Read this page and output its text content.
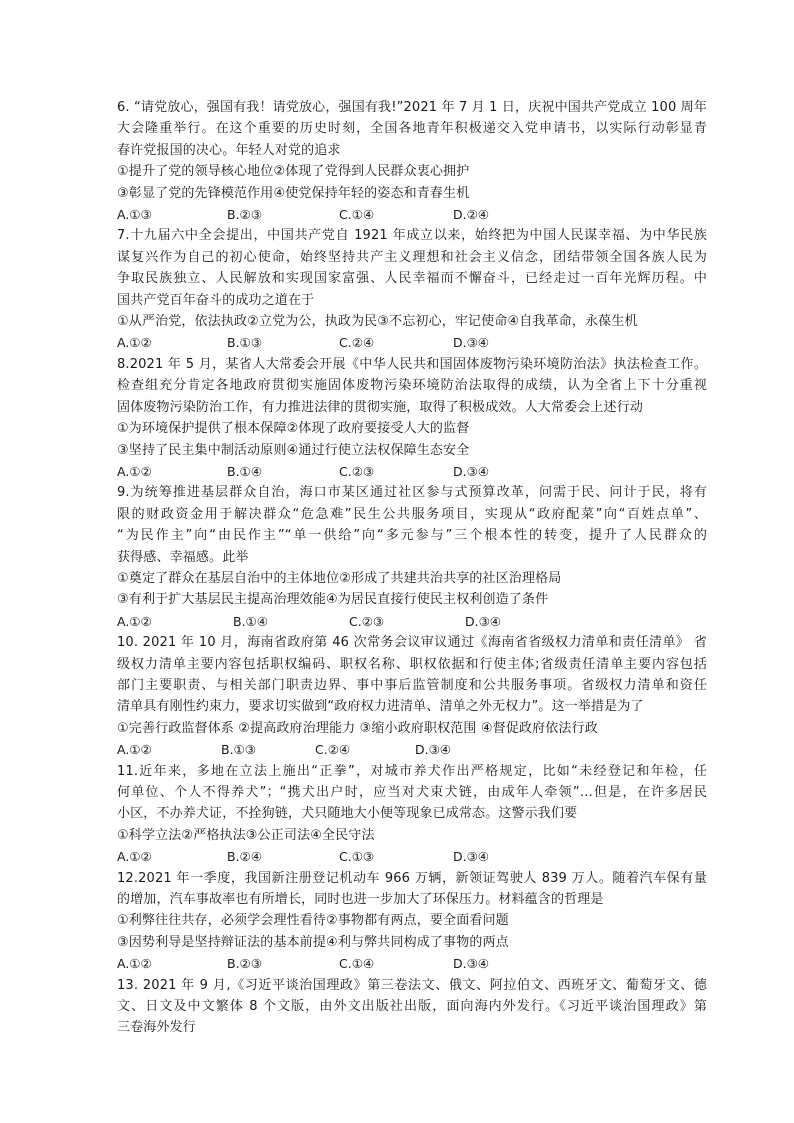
6. “请党放心，强国有我！请党放心，强国有我!”2021 年 7 月 1 日，庆祝中国共产党成立 100 周年
大会隆重举行。在这个重要的历史时刻，全国各地青年积极递交入党申请书，以实际行动彰显青
春许党报国的决心。年轻人对党的追求
①提升了党的领导核心地位②体现了党得到人民群众衷心拥护
③彰显了党的先锋模范作用④使党保持年轻的姿态和青春生机
A.①③	B.②③	C.①④	D.②④
7.十九届六中全会提出，中国共产党自 1921 年成立以来，始终把为中国人民谋幸福、为中华民族
谋复兴作为自己的初心使命，始终坚持共产主义理想和社会主义信念，团结带领全国各族人民为
争取民族独立、人民解放和实现国家富强、人民幸福而不懈奋斗，已经走过一百年光辉历程。中
国共产党百年奋斗的成功之道在于
①从严治党，依法执政②立党为公，执政为民③不忘初心，牢记使命④自我革命，永葆生机
A.①②	B.①③	C.②④	D.③④
8.2021 年 5 月，某省人大常委会开展《中华人民共和国固体废物污染环境防治法》执法检查工作。
检查组充分肯定各地政府贯彻实施固体废物污染环境防治法取得的成绩，认为全省上下十分重视
固体废物污染防治工作，有力推进法律的贯彻实施，取得了积极成效。人大常委会上述行动
①为环境保护提供了根本保障②体现了政府要接受人大的监督
③坚持了民主集中制活动原则④通过行使立法权保障生态安全
A.①②	B.①④	C.②③	D.③④
9.为统筹推进基层群众自治，海口市某区通过社区参与式预算改革，问需于民、问计于民，将有
限的财政资金用于解决群众“危急难”民生公共服务项目，实现从“政府配菜”向“百姓点单”、
“为民作主”向“由民作主”“单一供给”向“多元参与”三个根本性的转变，提升了人民群众的
获得感、幸福感。此举
①奠定了群众在基层自治中的主体地位②形成了共建共治共享的社区治理格局
③有利于扩大基层民主提高治理效能④为居民直接行使民主权利创造了条件
A.①②	B.①④	C.②③	D.③④
10. 2021 年 10 月，海南省政府第 46 次常务会议审议通过《海南省省级权力清单和责任清单》 省
级权力清单主要内容包括职权编码、职权名称、职权依据和行使主体;省级责任清单主要内容包括
部门主要职责、与相关部门职责边界、事中事后监管制度和公共服务事项。省级权力清单和资任
清单具有刚性约束力，要求切实做到“政府权力进清单、清单之外无权力”。这一举措是为了
①完善行政监督体系 ②提高政府治理能力 ③缩小政府职权范围 ④督促政府依法行政
A.①②	B.①③	C.②④	D.③④
11.近年来，多地在立法上施出“正拳”，对城市养犬作出严格规定，比如“未经登记和年检，任
何单位、个人不得养犬”；“携犬出户时，应当对犬束犬链，由成年人牵领”…但是，在许多居民
小区，不办养犬证，不拴狗链，犬只随地大小便等现象已成常态。这警示我们要
①科学立法②严格执法③公正司法④全民守法
A.①②	B.②④	C.①③	D.③④
12.2021 年一季度，我国新注册登记机动车 966 万辆，新领证驾驶人 839 万人。随着汽车保有量
的增加，汽车事故率也有所增长，同时也进一步加大了环保压力。材料蕴含的哲理是
①利弊往往共存，必须学会理性看待②事物都有两点，要全面看问题
③因势利导是坚持辩证法的基本前提④利与弊共同构成了事物的两点
A.①②	B.②③	C.①④	D.③④
13. 2021 年 9 月,《习近平谈治国理政》第三卷法文、俄文、阿拉伯文、西班牙文、葡萄牙文、德
文、日文及中文繁体 8 个文版，由外文出版社出版，面向海内外发行。《习近平谈治国理政》第
三卷海外发行
